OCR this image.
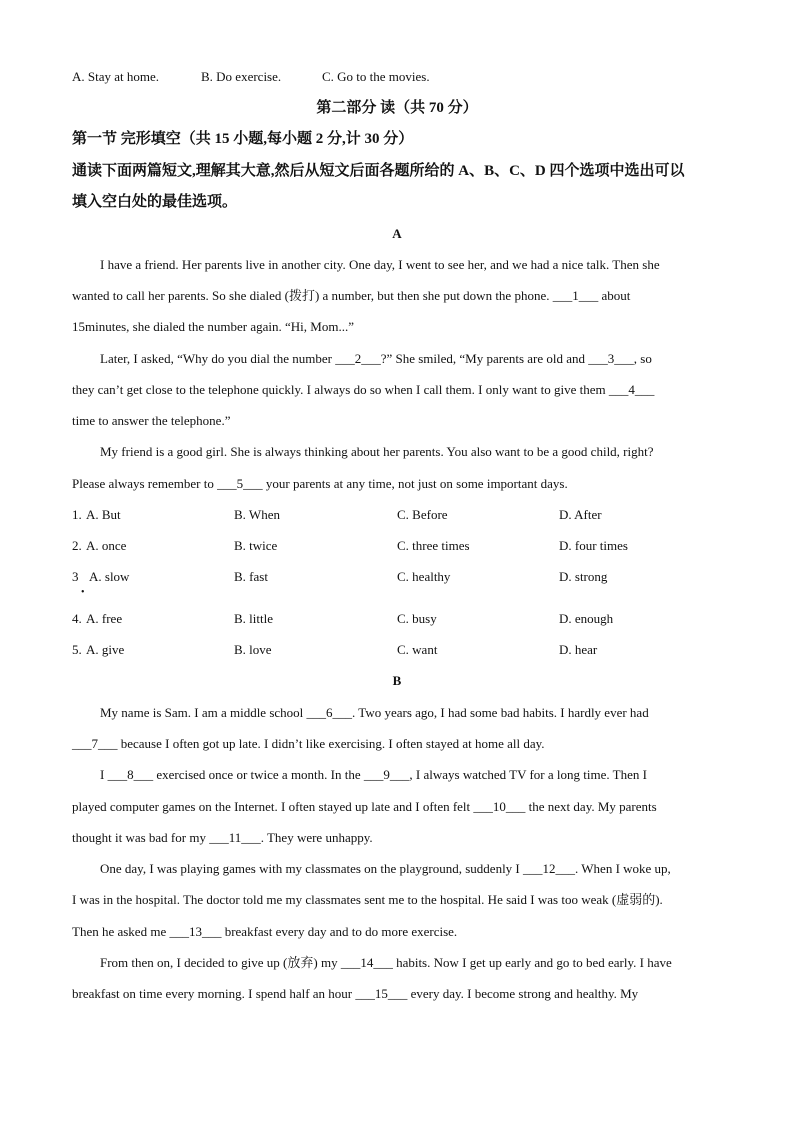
A. Stay at home.	B. Do exercise.	C. Go to the movies.
第二部分 读（共 70 分）
第一节 完形填空（共 15 小题,每小题 2 分,计 30 分）
通读下面两篇短文,理解其大意,然后从短文后面各题所给的 A、B、C、D 四个选项中选出可以
填入空白处的最佳选项。
A
I have a friend. Her parents live in another city. One day, I went to see her, and we had a nice talk. Then she
wanted to call her parents. So she dialed (拨打) a number, but then she put down the phone. ___1___ about
15minutes, she dialed the number again. “Hi, Mom...”
Later, I asked, “Why do you dial the number ___2___?” She smiled, “My parents are old and ___3___, so
they can’t get close to the telephone quickly. I always do so when I call them. I only want to give them ___4___
time to answer the telephone.”
My friend is a good girl. She is always thinking about her parents. You also want to be a good child, right?
Please always remember to ___5___ your parents at any time, not just on some important days.
1. A. But	B. When	C. Before	D. After
2. A. once	B. twice	C. three times	D. four times
3 A. slow	B. fast	C. healthy	D. strong
•
4. A. free	B. little	C. busy	D. enough
5. A. give	B. love	C. want	D. hear
B
My name is Sam. I am a middle school ___6___. Two years ago, I had some bad habits. I hardly ever had
___7___ because I often got up late. I didn’t like exercising. I often stayed at home all day.
I ___8___ exercised once or twice a month. In the ___9___, I always watched TV for a long time. Then I
played computer games on the Internet. I often stayed up late and I often felt ___10___ the next day. My parents
thought it was bad for my ___11___. They were unhappy.
One day, I was playing games with my classmates on the playground, suddenly I ___12___. When I woke up,
I was in the hospital. The doctor told me my classmates sent me to the hospital. He said I was too weak (虚弱的).
Then he asked me ___13___ breakfast every day and to do more exercise.
From then on, I decided to give up (放弃) my ___14___ habits. Now I get up early and go to bed early. I have
breakfast on time every morning. I spend half an hour ___15___ every day. I become strong and healthy. My
